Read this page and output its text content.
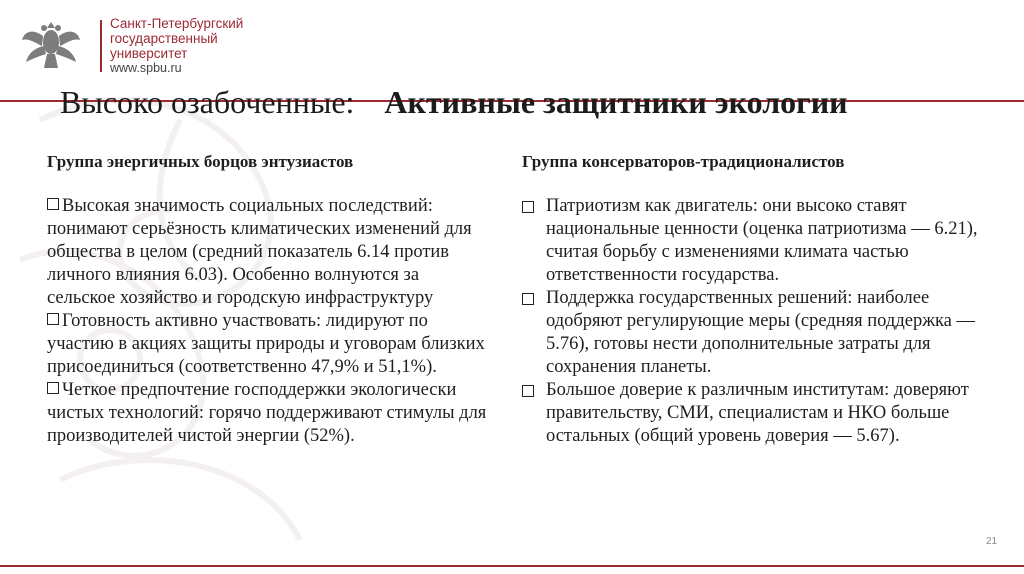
Санкт-Петербургский
государственный
университет
www.spbu.ru
Высоко озабоченные: Активные защитники экологии
Группа энергичных борцов энтузиастов
Высокая значимость социальных последствий: понимают серьёзность климатических изменений для общества в целом (средний показатель 6.14 против личного влияния 6.03). Особенно волнуются за сельское хозяйство и городскую инфраструктуру
Готовность активно участвовать: лидируют по участию в акциях защиты природы и уговорам близких присоединиться (соответственно 47,9% и 51,1%).
Четкое предпочтение господдержки экологически чистых технологий: горячо поддерживают стимулы для производителей чистой энергии (52%).
Группа консерваторов-традиционалистов
Патриотизм как двигатель: они высоко ставят национальные ценности (оценка патриотизма — 6.21), считая борьбу с изменениями климата частью ответственности государства.
Поддержка государственных решений: наиболее одобряют регулирующие меры (средняя поддержка — 5.76), готовы нести дополнительные затраты для сохранения планеты.
Большое доверие к различным институтам: доверяют правительству, СМИ, специалистам и НКО больше остальных (общий уровень доверия — 5.67).
21
